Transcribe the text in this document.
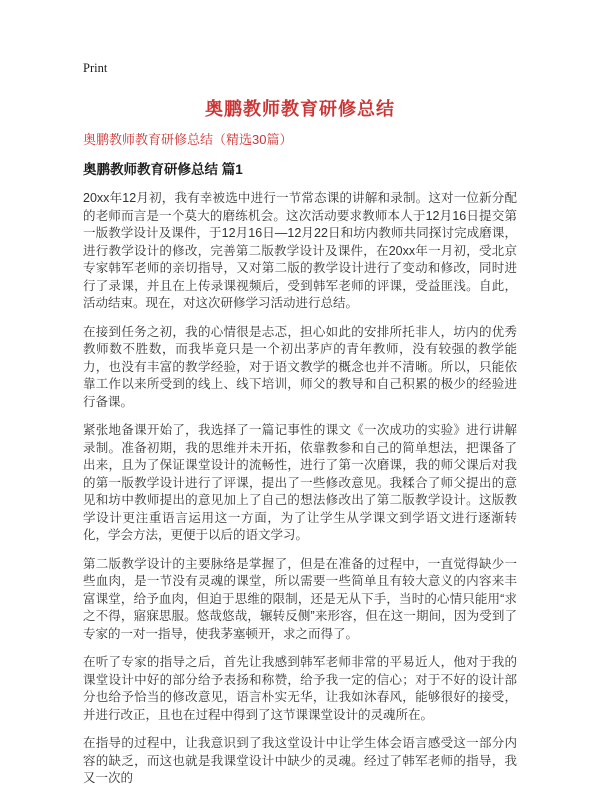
Print
奥鹏教师教育研修总结
奥鹏教师教育研修总结（精选30篇）
奥鹏教师教育研修总结 篇1
20xx年12月初，我有幸被选中进行一节常态课的讲解和录制。这对一位新分配的老师而言是一个莫大的磨练机会。这次活动要求教师本人于12月16日提交第一版教学设计及课件，于12月16日—12月22日和坊内教师共同探讨完成磨课，进行教学设计的修改，完善第二版教学设计及课件，在20xx年一月初，受北京专家韩军老师的亲切指导，又对第二版的教学设计进行了变动和修改，同时进行了录课，并且在上传录课视频后，受到韩军老师的评课，受益匪浅。自此，活动结束。现在，对这次研修学习活动进行总结。
在接到任务之初，我的心情很是忐忑，担心如此的安排所托非人，坊内的优秀教师数不胜数，而我毕竟只是一个初出茅庐的青年教师，没有较强的教学能力，也没有丰富的教学经验，对于语文教学的概念也并不清晰。所以，只能依靠工作以来所受到的线上、线下培训，师父的教导和自己积累的极少的经验进行备课。
紧张地备课开始了，我选择了一篇记事性的课文《一次成功的实验》进行讲解录制。准备初期，我的思维并未开拓，依靠教参和自己的简单想法，把课备了出来，且为了保证课堂设计的流畅性，进行了第一次磨课，我的师父课后对我的第一版教学设计进行了评课，提出了一些修改意见。我糅合了师父提出的意见和坊中教师提出的意见加上了自己的想法修改出了第二版教学设计。这版教学设计更注重语言运用这一方面，为了让学生从学课文到学语文进行逐渐转化，学会方法，更便于以后的语文学习。
第二版教学设计的主要脉络是掌握了，但是在准备的过程中，一直觉得缺少一些血肉，是一节没有灵魂的课堂，所以需要一些简单且有较大意义的内容来丰富课堂，给予血肉，但迫于思维的限制，还是无从下手，当时的心情只能用“求之不得，寤寐思服。悠哉悠哉，辗转反侧”来形容，但在这一期间，因为受到了专家的一对一指导，使我茅塞顿开，求之而得了。
在听了专家的指导之后，首先让我感到韩军老师非常的平易近人，他对于我的课堂设计中好的部分给予表扬和称赞，给予我一定的信心；对于不好的设计部分也给予恰当的修改意见，语言朴实无华，让我如沐春风，能够很好的接受，并进行改正，且也在过程中得到了这节课课堂设计的灵魂所在。
在指导的过程中，让我意识到了我这堂设计中让学生体会语言感受这一部分内容的缺乏，而这也就是我课堂设计中缺少的灵魂。经过了韩军老师的指导，我又一次的
